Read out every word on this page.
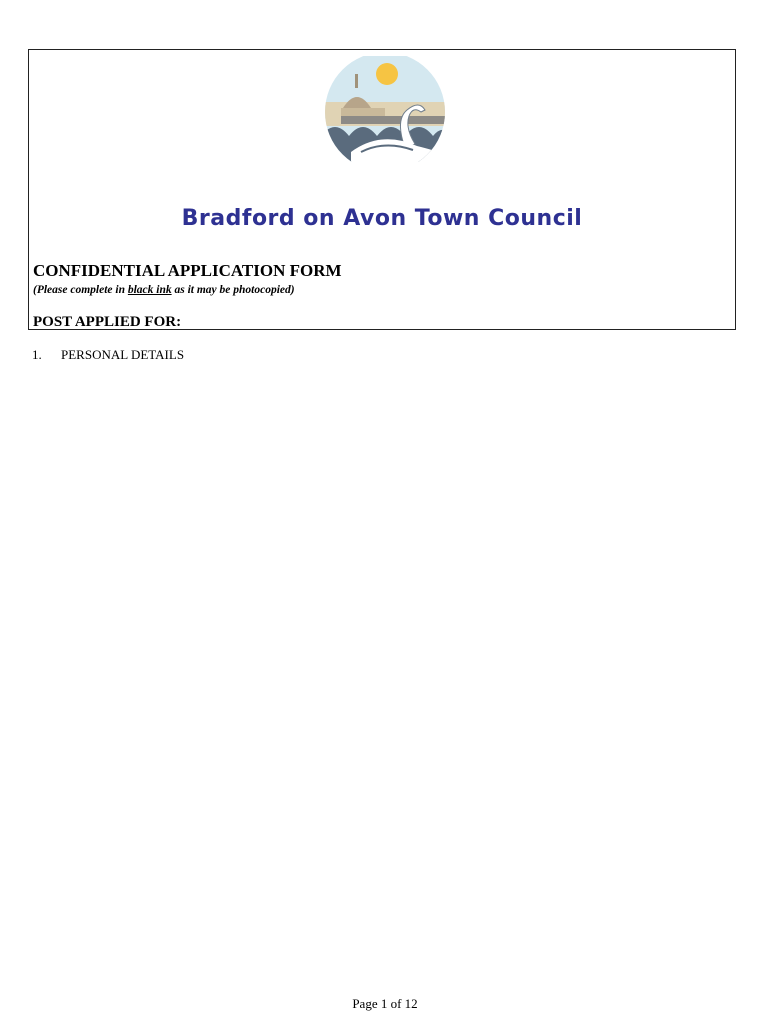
Bradford on Avon Town Council
CONFIDENTIAL APPLICATION FORM
(Please complete in black ink as it may be photocopied)
POST APPLIED FOR:
1. PERSONAL DETAILS
Page 1 of 12
